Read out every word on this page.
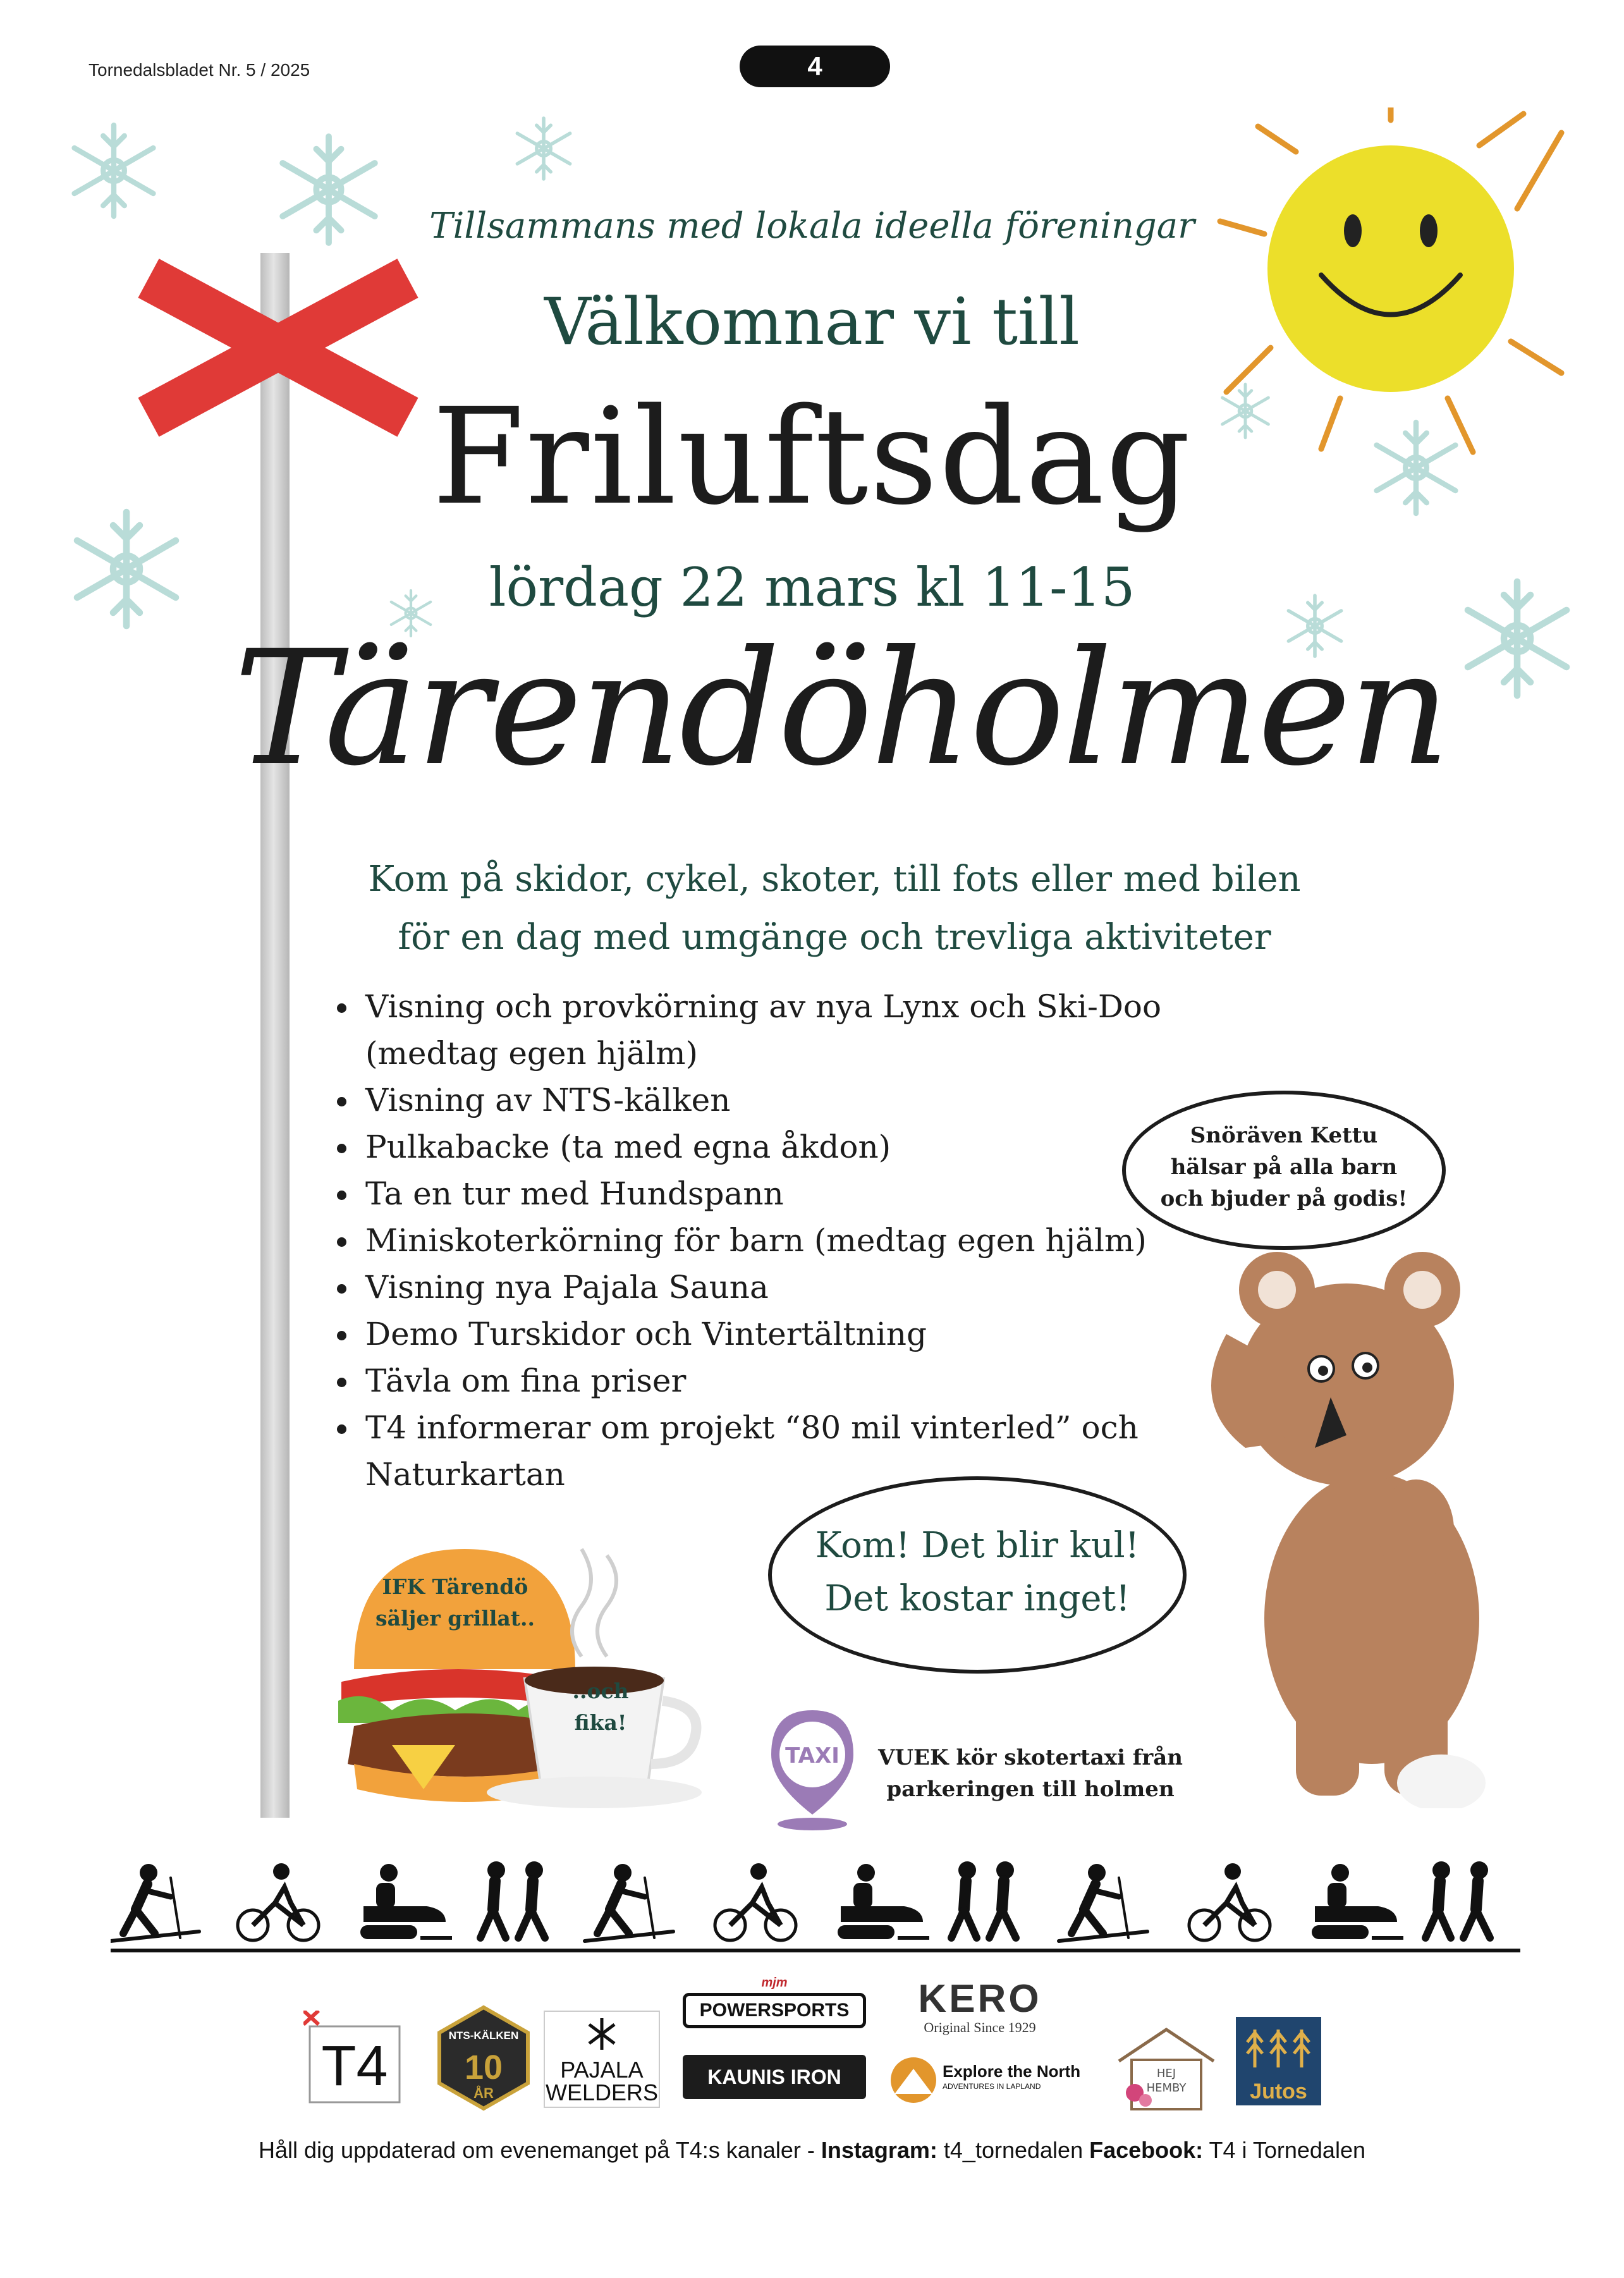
Tornedalsbladet Nr. 5 / 2025	4
Tillsammans med lokala ideella föreningar
Välkomnar vi till
Friluftsdag
lördag 22 mars kl 11-15
Tärendöholmen
Kom på skidor, cykel, skoter, till fots eller med bilen
för en dag med umgänge och trevliga aktiviteter
• Visning och provkörning av nya Lynx och Ski-Doo (medtag egen hjälm)
• Visning av NTS-kälken
• Pulkabacke (ta med egna åkdon)
• Ta en tur med Hundspann
• Miniskoterkörning för barn (medtag egen hjälm)
• Visning nya Pajala Sauna
• Demo Turskidor och Vintertältning
• Tävla om fina priser
• T4 informerar om projekt “80 mil vinterled” och Naturkartan
Snöräven Kettu
hälsar på alla barn
och bjuder på godis!
Kom! Det blir kul!
Det kostar inget!
IFK Tärendö
säljer grillat..
..och
fika!
TAXI VUEK kör skotertaxi från
parkeringen till holmen
T4	NTS-KÄLKEN
10
ÅR
PAJALA
WELDERS
mjm
POWERSPORTS
KAUNIS IRON
KERO
Original Since 1929
Explore the North
ADVENTURES IN LAPLAND
HEJ
HEMBY	Jutos
Håll dig uppdaterad om evenemanget på T4:s kanaler - Instagram: t4_tornedalen Facebook: T4 i Tornedalen
